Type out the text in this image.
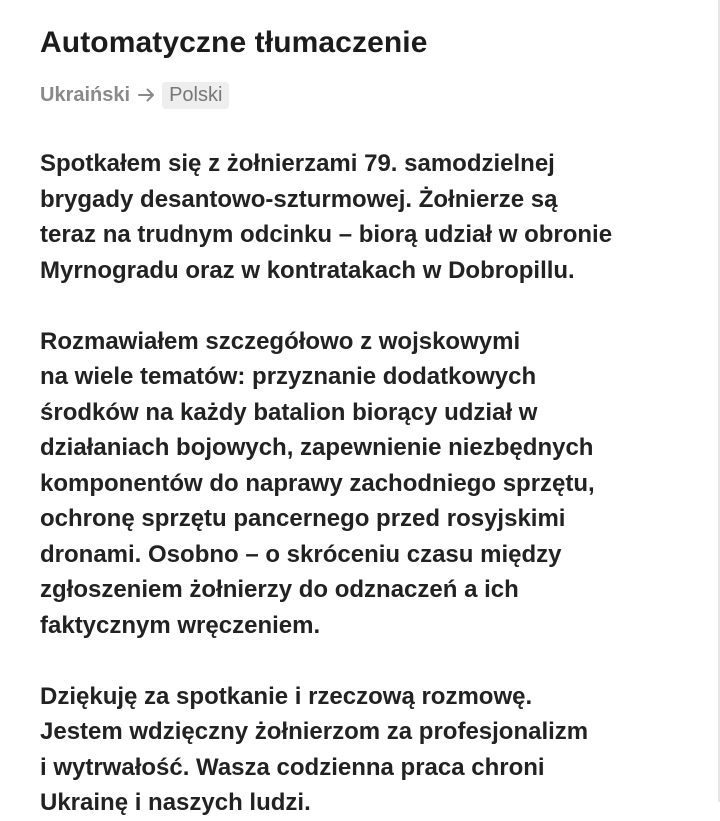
Automatyczne tłumaczenie
Ukraiński	Polski

Spotkałem się z żołnierzami 79. samodzielnej
brygady desantowo-szturmowej. Żołnierze są
teraz na trudnym odcinku – biorą udział w obronie
Myrnogradu oraz w kontratakach w Dobropillu.

Rozmawiałem szczegółowo z wojskowymi
na wiele tematów: przyznanie dodatkowych
środków na każdy batalion biorący udział w
działaniach bojowych, zapewnienie niezbędnych
komponentów do naprawy zachodniego sprzętu,
ochronę sprzętu pancernego przed rosyjskimi
dronami. Osobno – o skróceniu czasu między
zgłoszeniem żołnierzy do odznaczeń a ich
faktycznym wręczeniem.

Dziękuję za spotkanie i rzeczową rozmowę.
Jestem wdzięczny żołnierzom za profesjonalizm
i wytrwałość. Wasza codzienna praca chroni
Ukrainę i naszych ludzi.
